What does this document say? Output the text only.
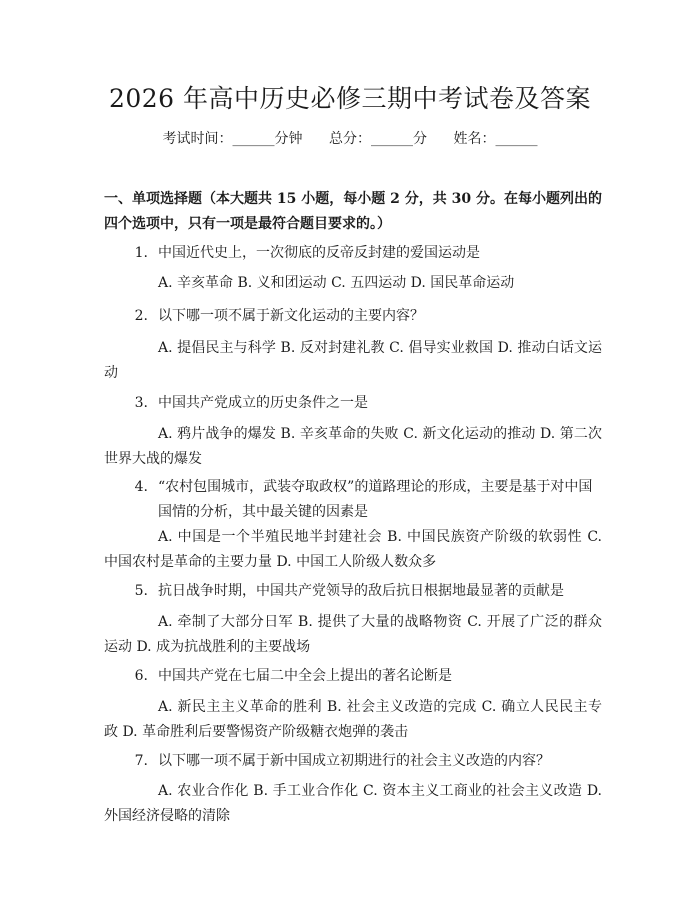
2026 年高中历史必修三期中考试卷及答案
考试时间：______分钟 总分：______分 姓名：______
一、单项选择题（本大题共 15 小题，每小题 2 分，共 30 分。在每小题列出的四个选项中，只有一项是最符合题目要求的。）
1. 中国近代史上，一次彻底的反帝反封建的爱国运动是
A. 辛亥革命 B. 义和团运动 C. 五四运动 D. 国民革命运动
2. 以下哪一项不属于新文化运动的主要内容？
A. 提倡民主与科学 B. 反对封建礼教 C. 倡导实业救国 D. 推动白话文运动
3. 中国共产党成立的历史条件之一是
A. 鸦片战争的爆发 B. 辛亥革命的失败 C. 新文化运动的推动 D. 第二次世界大战的爆发
4. “农村包围城市，武装夺取政权”的道路理论的形成，主要是基于对中国国情的分析，其中最关键的因素是
A. 中国是一个半殖民地半封建社会 B. 中国民族资产阶级的软弱性 C. 中国农村是革命的主要力量 D. 中国工人阶级人数众多
5. 抗日战争时期，中国共产党领导的敌后抗日根据地最显著的贡献是
A. 牵制了大部分日军 B. 提供了大量的战略物资 C. 开展了广泛的群众运动 D. 成为抗战胜利的主要战场
6. 中国共产党在七届二中全会上提出的著名论断是
A. 新民主主义革命的胜利 B. 社会主义改造的完成 C. 确立人民民主专政 D. 革命胜利后要警惕资产阶级糖衣炮弹的袭击
7. 以下哪一项不属于新中国成立初期进行的社会主义改造的内容？
A. 农业合作化 B. 手工业合作化 C. 资本主义工商业的社会主义改造 D. 外国经济侵略的清除
